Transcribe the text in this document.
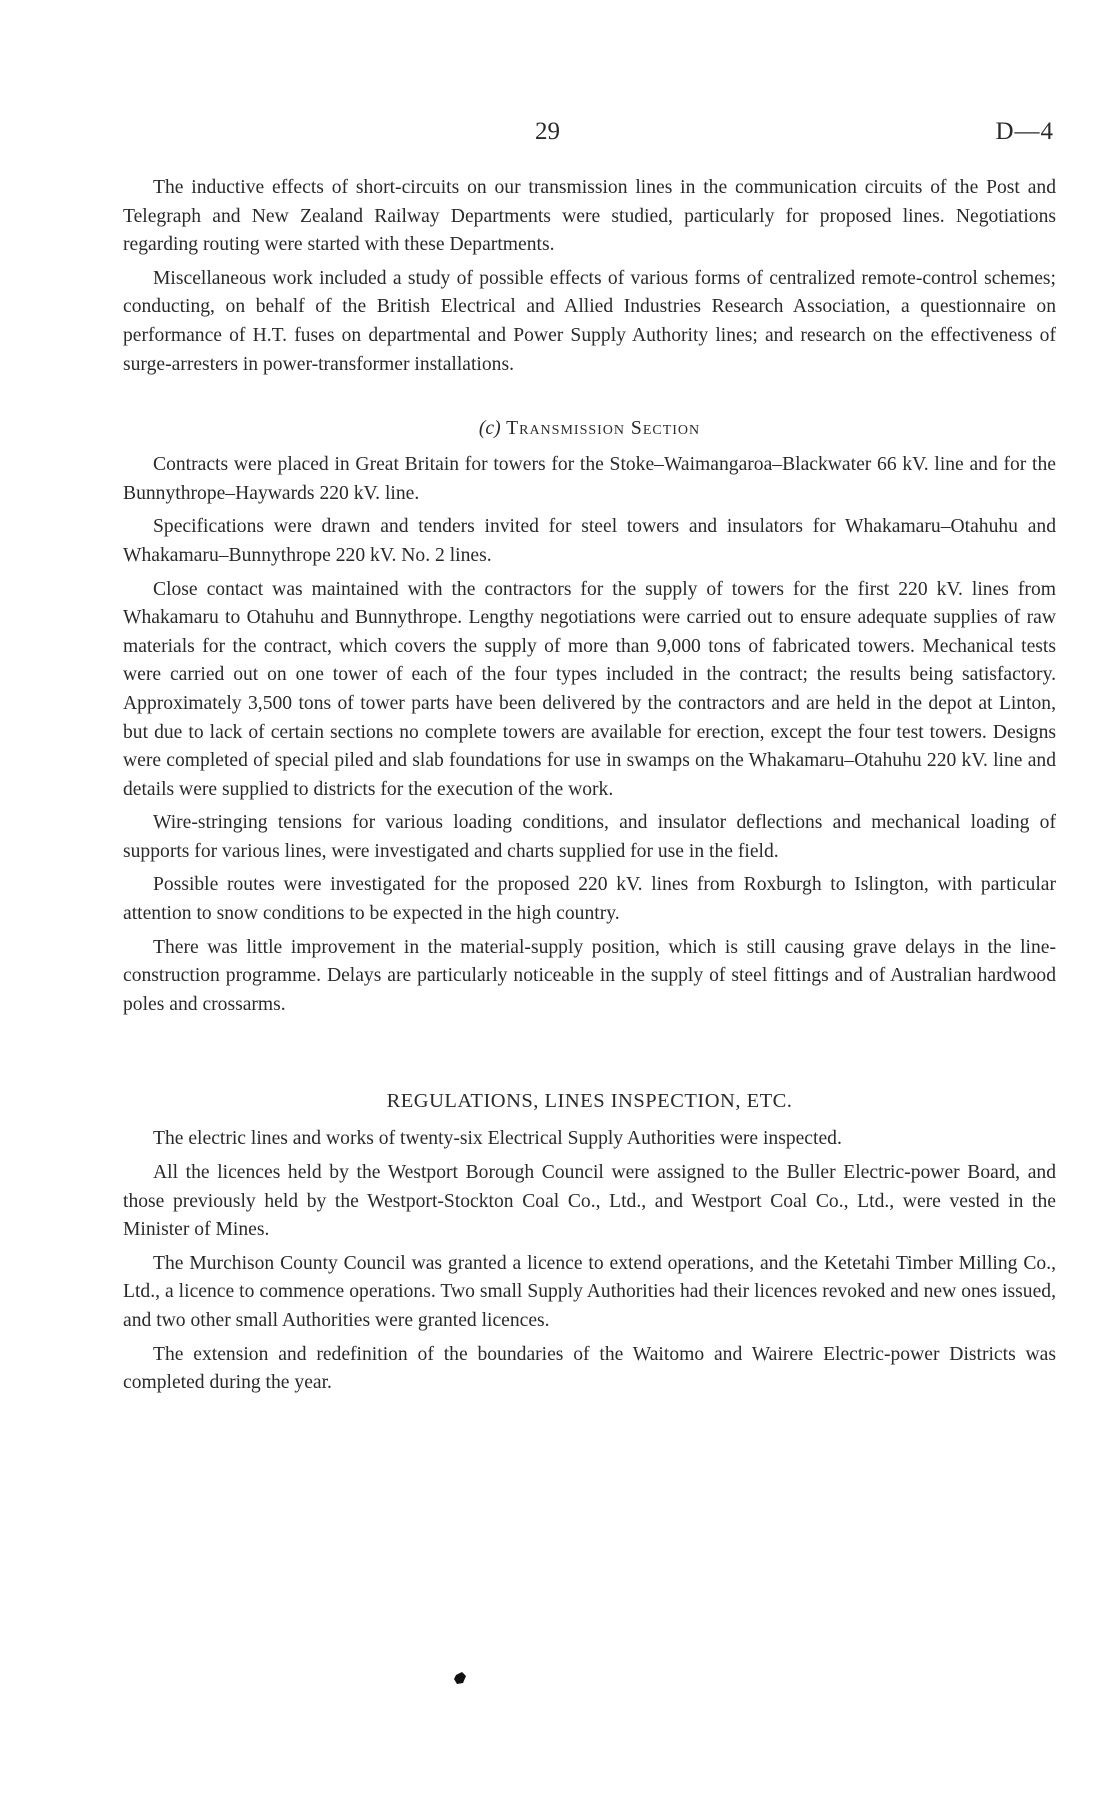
29	D—4

The inductive effects of short-circuits on our transmission lines in the communication circuits of the Post and Telegraph and New Zealand Railway Departments were studied, particularly for proposed lines. Negotiations regarding routing were started with these Departments.

Miscellaneous work included a study of possible effects of various forms of centralized remote-control schemes; conducting, on behalf of the British Electrical and Allied Industries Research Association, a questionnaire on performance of H.T. fuses on departmental and Power Supply Authority lines; and research on the effectiveness of surge-arresters in power-transformer installations.

(c) Transmission Section

Contracts were placed in Great Britain for towers for the Stoke–Waimangaroa–Blackwater 66 kV. line and for the Bunnythrope–Haywards 220 kV. line.

Specifications were drawn and tenders invited for steel towers and insulators for Whakamaru–Otahuhu and Whakamaru–Bunnythrope 220 kV. No. 2 lines.

Close contact was maintained with the contractors for the supply of towers for the first 220 kV. lines from Whakamaru to Otahuhu and Bunnythrope. Lengthy negotiations were carried out to ensure adequate supplies of raw materials for the contract, which covers the supply of more than 9,000 tons of fabricated towers. Mechanical tests were carried out on one tower of each of the four types included in the contract; the results being satisfactory. Approximately 3,500 tons of tower parts have been delivered by the contractors and are held in the depot at Linton, but due to lack of certain sections no complete towers are available for erection, except the four test towers. Designs were completed of special piled and slab foundations for use in swamps on the Whakamaru–Otahuhu 220 kV. line and details were supplied to districts for the execution of the work.

Wire-stringing tensions for various loading conditions, and insulator deflections and mechanical loading of supports for various lines, were investigated and charts supplied for use in the field.

Possible routes were investigated for the proposed 220 kV. lines from Roxburgh to Islington, with particular attention to snow conditions to be expected in the high country.

There was little improvement in the material-supply position, which is still causing grave delays in the line-construction programme. Delays are particularly noticeable in the supply of steel fittings and of Australian hardwood poles and crossarms.

REGULATIONS, LINES INSPECTION, ETC.

The electric lines and works of twenty-six Electrical Supply Authorities were inspected.

All the licences held by the Westport Borough Council were assigned to the Buller Electric-power Board, and those previously held by the Westport-Stockton Coal Co., Ltd., and Westport Coal Co., Ltd., were vested in the Minister of Mines.

The Murchison County Council was granted a licence to extend operations, and the Ketetahi Timber Milling Co., Ltd., a licence to commence operations. Two small Supply Authorities had their licences revoked and new ones issued, and two other small Authorities were granted licences.

The extension and redefinition of the boundaries of the Waitomo and Wairere Electric-power Districts was completed during the year.
